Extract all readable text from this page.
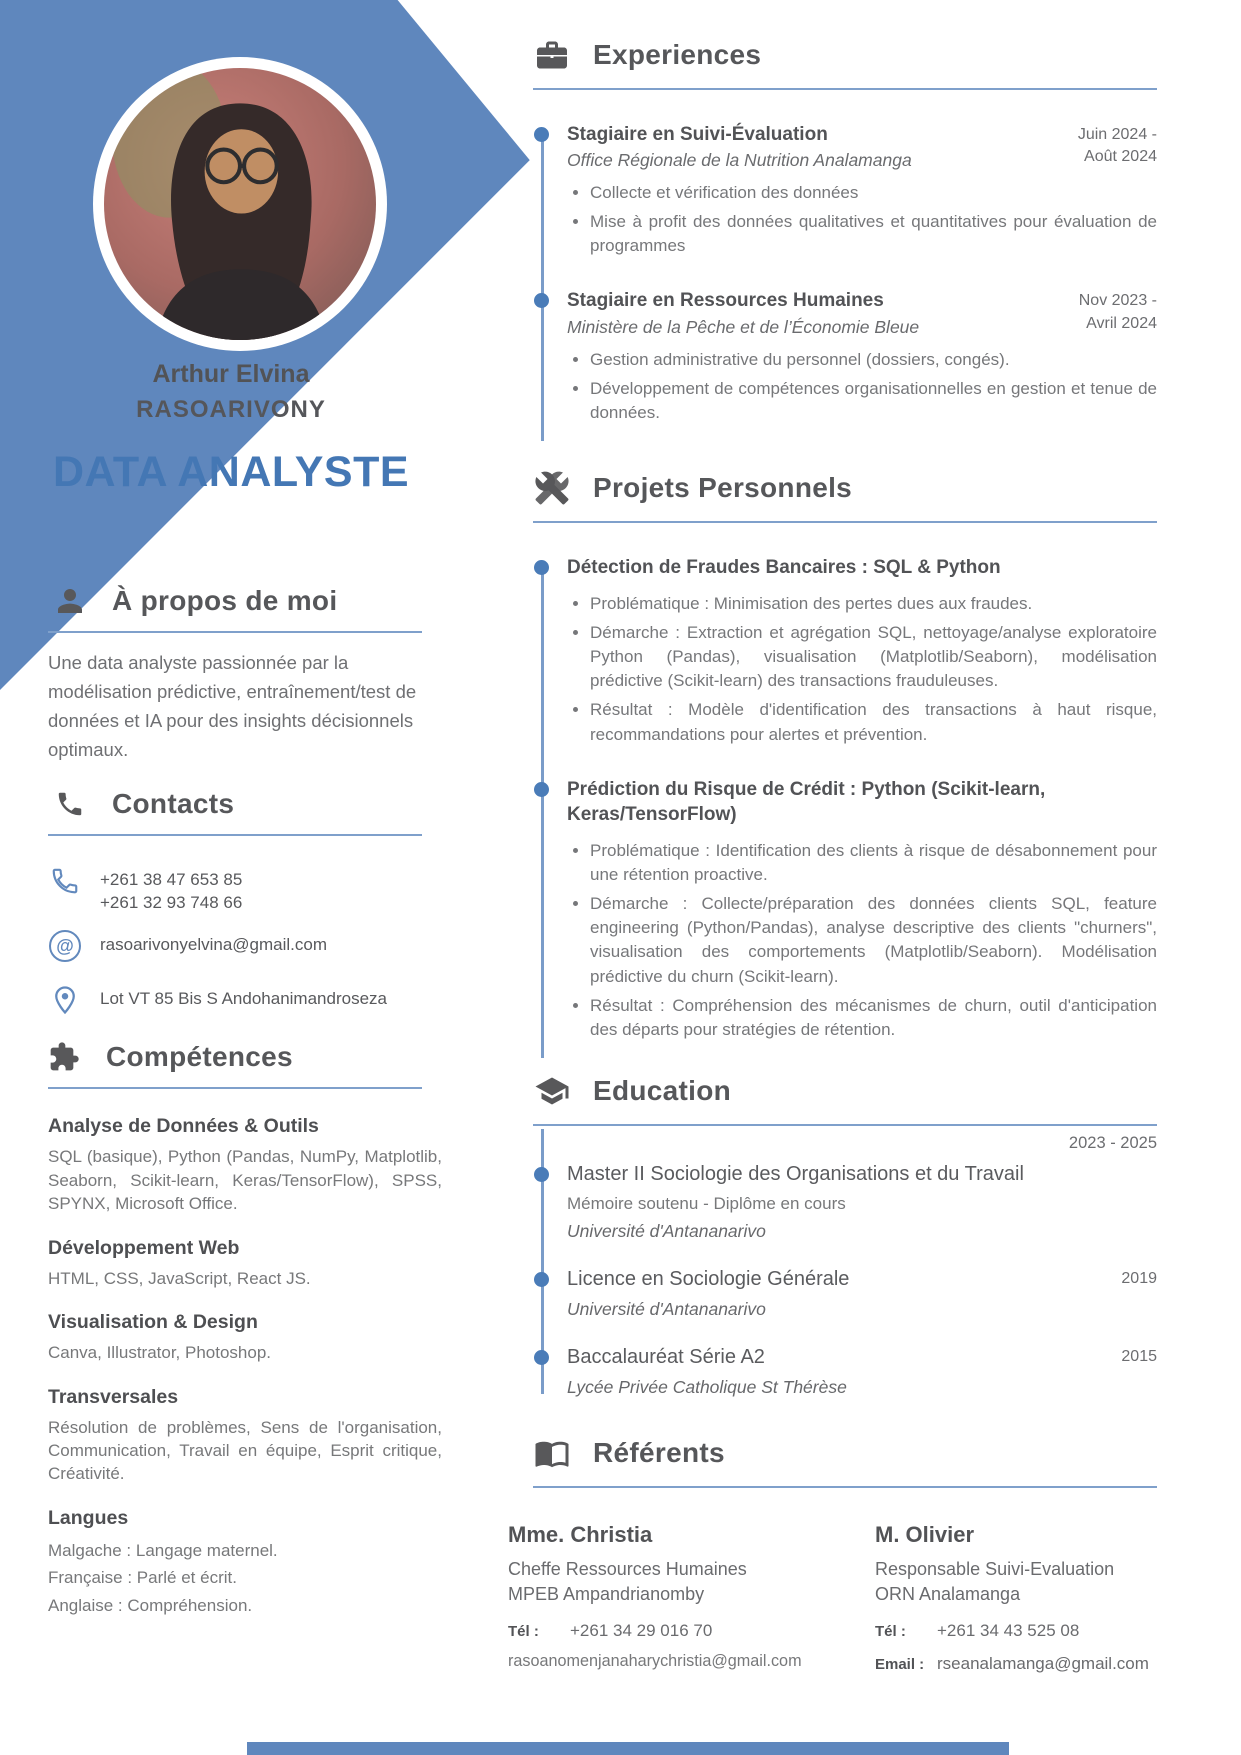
Arthur Elvina
RASOARIVONY
DATA ANALYSTE
À propos de moi

Une data analyste passionnée par la modélisation prédictive, entraînement/test de données et IA pour des insights décisionnels optimaux.

Contacts
+261 38 47 653 85
+261 32 93 748 66
@
rasoarivonyelvina@gmail.com
Lot VT 85 Bis S Andohanimandroseza
Compétences
Analyse de Données & Outils

SQL (basique), Python (Pandas, NumPy, Matplotlib, Seaborn, Scikit-learn, Keras/TensorFlow), SPSS, SPYNX, Microsoft Office.

Développement Web

HTML, CSS, JavaScript, React JS.

Visualisation & Design

Canva, Illustrator, Photoshop.

Transversales

Résolution de problèmes, Sens de l'organisation, Communication, Travail en équipe, Esprit critique, Créativité.

Langues
Malgache : Langage maternel.
Française : Parlé et écrit.
Anglaise : Compréhension.
Experiences
Stagiaire en Suivi-Évaluation	Juin 2024 -
Août 2024
Office Régionale de la Nutrition Analamanga
• Collecte et vérification des données
• Mise à profit des données qualitatives et quantitatives pour évaluation de programmes
Stagiaire en Ressources Humaines	Nov 2023 -
Avril 2024
Ministère de la Pêche et de l’Économie Bleue
• Gestion administrative du personnel (dossiers, congés).
• Développement de compétences organisationnelles en gestion et tenue de données.
Projets Personnels
Détection de Fraudes Bancaires : SQL & Python
• Problématique : Minimisation des pertes dues aux fraudes.
• Démarche : Extraction et agrégation SQL, nettoyage/analyse exploratoire Python (Pandas), visualisation (Matplotlib/Seaborn), modélisation prédictive (Scikit-learn) des transactions frauduleuses.
• Résultat : Modèle d'identification des transactions à haut risque, recommandations pour alertes et prévention.
Prédiction du Risque de Crédit : Python (Scikit-learn, Keras/TensorFlow)
• Problématique : Identification des clients à risque de désabonnement pour une rétention proactive.
• Démarche : Collecte/préparation des données clients SQL, feature engineering (Python/Pandas), analyse descriptive des clients "churners", visualisation des comportements (Matplotlib/Seaborn). Modélisation prédictive du churn (Scikit-learn).
• Résultat : Compréhension des mécanismes de churn, outil d'anticipation des départs pour stratégies de rétention.
Education
2023 - 2025
Master II Sociologie des Organisations et du Travail
Mémoire soutenu - Diplôme en cours
Université d'Antananarivo
Licence en Sociologie Générale	2019
Université d'Antananarivo
Baccalauréat Série A2	2015
Lycée Privée Catholique St Thérèse
Référents
Mme. Christia
Cheffe Ressources Humaines
MPEB Ampandrianomby
Tél : +261 34 29 016 70
rasoanomenjanaharychristia@gmail.com
M. Olivier
Responsable Suivi-Evaluation
ORN Analamanga
Tél : +261 34 43 525 08
Email : rseanalamanga@gmail.com
